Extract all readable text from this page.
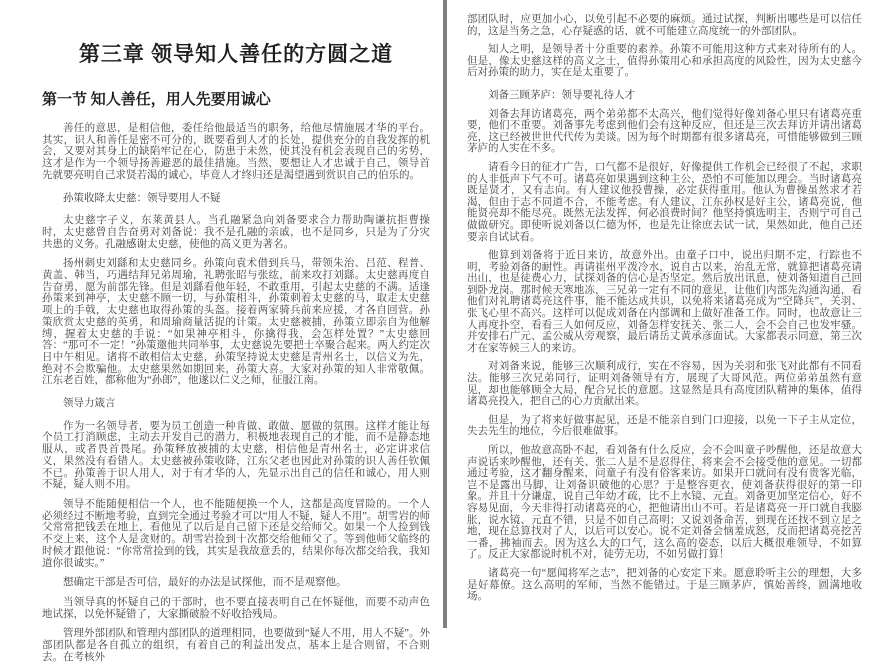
第三章 领导知人善任的方圆之道
第一节 知人善任，用人先要用诚心

善任的意思，是相信他，委任给他最适当的职务，给他尽情施展才华的平台。其实，识人和善任是密不可分的，既要看到人才的长处，提供充分的自我发挥的机会，又要对其身上的缺陷牢记在心，防患于未然，使其没有机会表现自己的劣势，这才是作为一个领导扬善避恶的最佳措施。当然，要想让人才忠诚于自己，领导首先就要亮明自己求贤若渴的诚心，毕竟人才终归还是渴望遇到赏识自己的伯乐的。

孙策收降太史慈：领导要用人不疑

太史慈字子义，东莱黄县人。当孔融紧急向刘备要求合力帮助陶谦抗拒曹操时，太史慈曾自告奋勇对刘备说：我不是孔融的亲戚，也不是同乡，只是为了分灾共患的义务。孔融感谢太史慈，使他的高义更为著名。

扬州刺史刘繇和太史慈同乡。孙策向袁术借到兵马，带领朱治、吕范、程普、黄盖、韩当，巧遇结拜兄弟周瑜，礼聘张昭与张纮，前来攻打刘繇。太史慈再度自告奋勇，愿为前部先锋。但是刘繇看他年轻，不敢重用，引起太史慈的不满。适逢孙策来到神亭，太史慈不顾一切，与孙策相斗，孙策刺着太史慈的马，取走太史慈项上的手戟，太史慈也取得孙策的头盔。接着两家骑兵前来应援，才各自回营。孙策欣赏太史慈的英勇，和周瑜商量活捉的计策。太史慈被捕，孙策立即亲自为他解缚，握着太史慈的手说：“如果神亭相斗，你擒得我，会怎样处置？”太史慈回答：“那可不一定！”孙策邀他共同举事，太史慈说先要把士卒聚合起来。两人约定次日中午相见。诸将不敢相信太史慈，孙策坚持说太史慈是青州名士，以信义为先，绝对不会欺骗他。太史慈果然如期回来，孙策大喜。大家对孙策的知人非常敬佩。江东老百姓，都称他为“孙郎”，他遂以仁义之师，征服江南。

领导力箴言

作为一名领导者，要为员工创造一种肯做、敢做、愿做的氛围。这样才能让每个员工打消顾虑，主动去开发自己的潜力，积极地表现自己的才能，而不是静态地服从，或者畏首畏尾。孙策释放被捕的太史慈，相信他是青州名士，必定讲求信义，果然没有看错人。太史慈被孙策收降，江东父老也因此对孙策的识人善任钦佩不已。孙策善于识人用人，对于有才华的人，先显示出自己的信任和诚心，用人则不疑，疑人则不用。

领导不能随便相信一个人，也不能随便换一个人，这都是高度冒险的。一个人必须经过不断地考验，直到完全通过考验才可以“用人不疑，疑人不用”。胡雪岩的师父常常把钱丢在地上，看他见了以后是自己留下还是交给师父。如果一个人捡到钱不交上来，这个人是贪财的。胡雪岩捡到十次都交给他师父了。等到他师父临终的时候才跟他说：“你常常捡到的钱，其实是我故意丢的，结果你每次都交给我，我知道你很诚实。”

想确定干部是否可信，最好的办法是试探他，而不是观察他。

当领导真的怀疑自己的干部时，也不要直接表明自己在怀疑他，而要不动声色地试探，以免怀疑错了，大家撕破脸不好收拾残局。

管理外部团队和管理内部团队的道理相同，也要做到“疑人不用，用人不疑”。外部团队都是各自孤立的组织，有着自己的利益出发点，基本上是合则留，不合则去。在考核外

部团队时，应更加小心，以免引起不必要的麻烦。通过试探，判断出哪些是可以信任的，这是当务之急，心存疑惑的话，就不可能建立高度统一的外部团队。

知人之明，是领导者十分重要的素养。孙策不可能用这种方式来对待所有的人。但是，像太史慈这样的高义之士，值得孙策用心和承担高度的风险性，因为太史慈今后对孙策的助力，实在是太重要了。

刘备三顾茅庐：领导要礼待人才

刘备去拜访诸葛亮，两个弟弟都不太高兴，他们觉得好像刘备心里只有诸葛亮重要，他们不重要。刘备事先考虑到他们会有这种反应，但还是三次去拜访并请出诸葛亮，这已经被世世代代传为美谈。因为每个时期都有很多诸葛亮，可惜能够做到三顾茅庐的人实在不多。

请看今日的征才广告，口气都不是很好，好像提供工作机会已经很了不起，求职的人非低声下气不可。诸葛亮如果遇到这种主公，恐怕不可能加以理会。当时诸葛亮既是贤才，又有志向。有人建议他投曹操，必定获得重用。他认为曹操虽然求才若渴，但由于志不同道不合，不能考虑。有人建议，江东孙权是好主公，诸葛亮说，他能贤亮却不能尽亮。既然无法发挥，何必浪费时间？他坚持慎选明主，否则宁可自己做做研究。即使听说刘备以仁德为怀，也是先让徐庶去试一试，果然如此，他自己还要亲自试试看。

他算到刘备将于近日来访，故意外出。由童子口中，说出归期不定，行踪也不明，考验刘备的耐性。再请崔州平泼冷水，说自古以来，治乱无常，就算把诸葛亮请出山，也是徒费心力，试探刘备的信心是否坚定。然后放出讯息，使刘备知道自己回到卧龙岗。那时候天寒地冻，三兄弟一定有不同的意见，让他们内部先沟通沟通，看他们对礼聘诸葛亮这件事，能不能达成共识，以免将来诸葛亮成为“空降兵”，关羽、张飞心里不高兴。这样可以促成刘备在内部调和上做好准备工作。同时，也故意让三人再度扑空，看看三人如何反应，刘备怎样安抚关、张二人，会不会自己也发牢骚。并安排石广元、孟公威从旁观察，最后请岳丈黄承彦面试。大家都表示同意，第三次才在家等候三人的来访。

对刘备来说，能够三次顺利成行，实在不容易，因为关羽和张飞对此都有不同看法。能够三次兄弟同行，证明刘备领导有方，展现了大哥风范。两位弟弟虽然有意见，却也能够顾全大局，配合兄长的意愿。这显然是具有高度团队精神的集体，值得诸葛亮投入，把自己的心力贡献出来。

但是，为了将来好做事起见，还是不能亲自到门口迎接，以免一下子主从定位，失去先生的地位，今后很难做事。

所以，他故意高卧不起，看刘备有什么反应，会不会叫童子吵醒他，还是故意大声说话来吵醒他，还有关、张二人是不是忍得住，将来会不会接受他的意见。一切都通过考验，这才翻身醒来，问童子有没有俗客来访。如果开口就问有没有贵客光临，岂不是露出马脚，让刘备识破他的心思？于是整容更衣，使刘备获得很好的第一印象。并且十分谦虚，说自己年幼才疏，比不上水镜、元直。刘备更加坚定信心，好不容易见面，今天非得打动诸葛亮的心，把他请出山不可。若是诸葛亮一开口就自我膨胀，说水镜、元直不错，只是不如自己高明；又说刘备命苦，到现在还找不到立足之地，现在总算找对了人，以后可以安心。说不定刘备会恼羞成怒，反而把诸葛亮挖苦一番，拂袖而去。因为这么大的口气，这么高的姿态，以后大概很难领导，不如算了。反正大家都说时机不对，徒劳无功，不如另做打算！

诸葛亮一句“愿闻将军之志”，把刘备的心安定下来。愿意聆听主公的理想，大多是好幕僚。这么高明的军师，当然不能错过。于是三顾茅庐，慎始善终，圆满地收场。
